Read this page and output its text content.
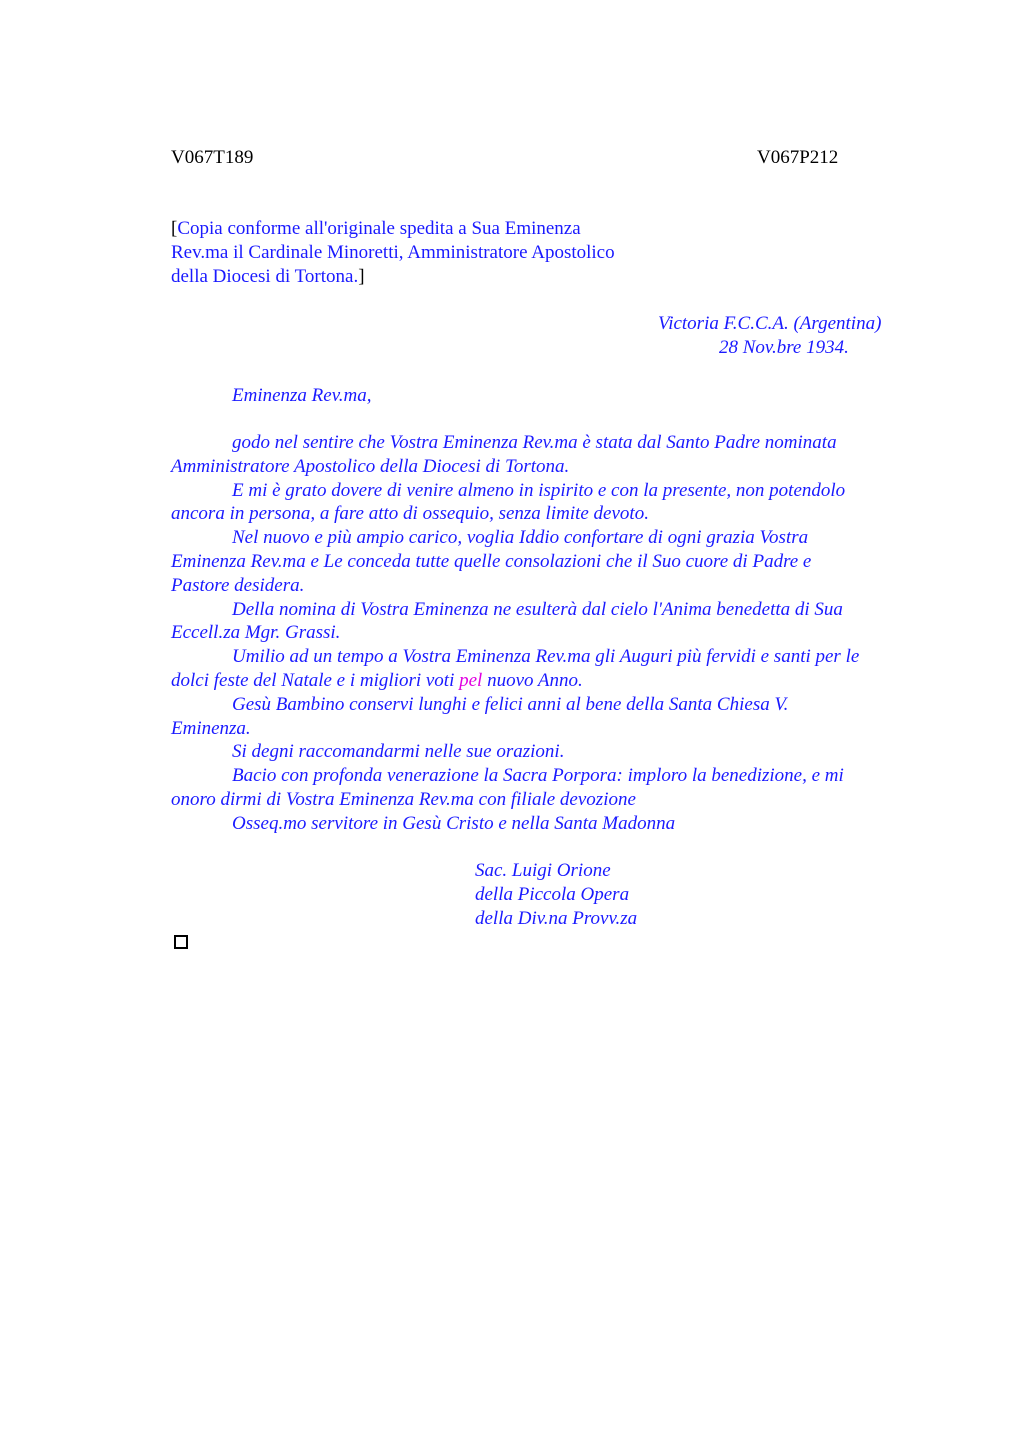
V067T189	V067P212
[Copia conforme all'originale spedita a Sua Eminenza
Rev.ma il Cardinale Minoretti, Amministratore Apostolico
della Diocesi di Tortona.]
Victoria F.C.C.A. (Argentina)
28 Nov.bre 1934.
Eminenza Rev.ma,
godo nel sentire che Vostra Eminenza Rev.ma è stata dal Santo Padre nominata
Amministratore Apostolico della Diocesi di Tortona.
E mi è grato dovere di venire almeno in ispirito e con la presente, non potendolo
ancora in persona, a fare atto di ossequio, senza limite devoto.
Nel nuovo e più ampio carico, voglia Iddio confortare di ogni grazia Vostra
Eminenza Rev.ma e Le conceda tutte quelle consolazioni che il Suo cuore di Padre e
Pastore desidera.
Della nomina di Vostra Eminenza ne esulterà dal cielo l'Anima benedetta di Sua
Eccell.za Mgr. Grassi.
Umilio ad un tempo a Vostra Eminenza Rev.ma gli Auguri più fervidi e santi per le
dolci feste del Natale e i migliori voti pel nuovo Anno.
Gesù Bambino conservi lunghi e felici anni al bene della Santa Chiesa V.
Eminenza.
Si degni raccomandarmi nelle sue orazioni.
Bacio con profonda venerazione la Sacra Porpora: imploro la benedizione, e mi
onoro dirmi di Vostra Eminenza Rev.ma con filiale devozione
Osseq.mo servitore in Gesù Cristo e nella Santa Madonna
Sac. Luigi Orione
della Piccola Opera
della Div.na Provv.za
